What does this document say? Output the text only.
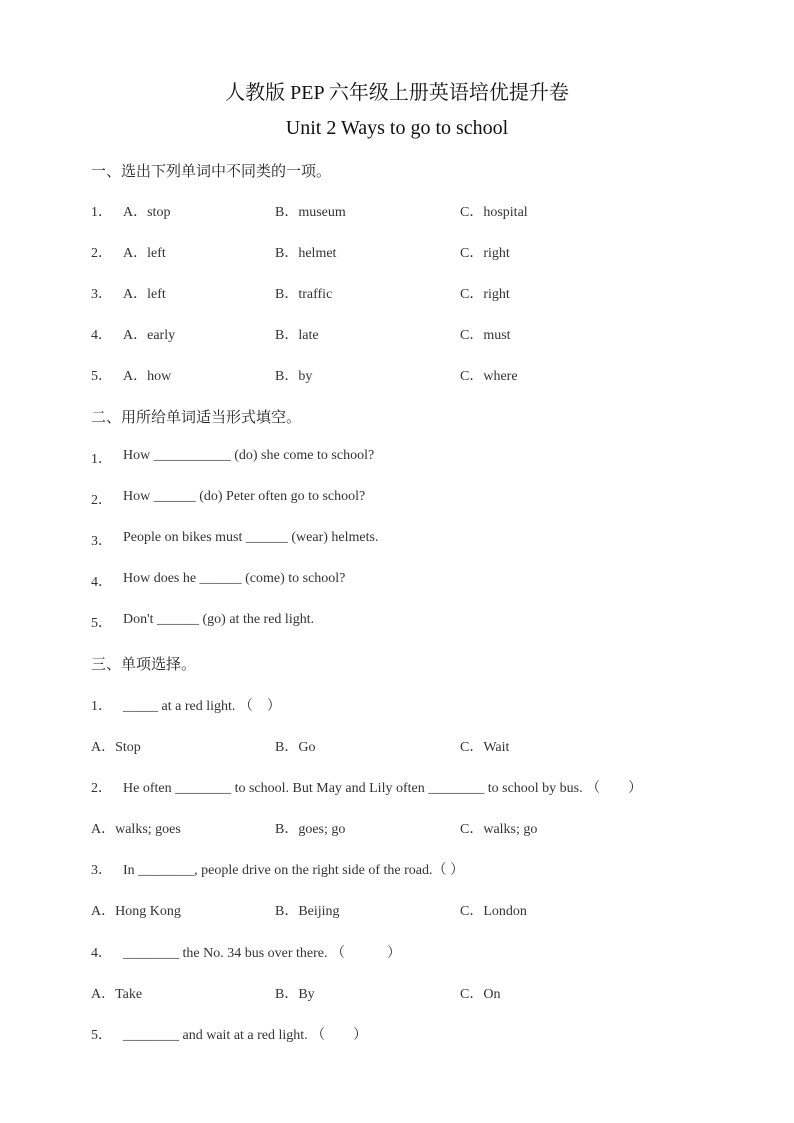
人教版 PEP 六年级上册英语培优提升卷
Unit 2 Ways to go to school
一、选出下列单词中不同类的一项。
1． A．stop	B．museum	C．hospital
2． A．left	B．helmet	C．right
3． A．left	B．traffic	C．right
4． A．early	B．late	C．must
5． A．how	B．by	C．where
二、用所给单词适当形式填空。
1． How ___________ (do) she come to school?
2． How ______ (do) Peter often go to school?
3． People on bikes must ______ (wear) helmets.
4． How does he ______ (come) to school?
5． Don't ______ (go) at the red light.
三、单项选择。
1． _____ at a red light. （　）
A．Stop	B．Go	C．Wait
2． He often ________ to school. But May and Lily often ________ to school by bus. （　　）
A．walks; goes	B．goes; go	C．walks; go
3． In ________, people drive on the right side of the road.（ ）
A．Hong Kong	B．Beijing	C．London
4． ________ the No. 34 bus over there. （　　　）
A．Take	B．By	C．On
5． ________ and wait at a red light. （　　）
